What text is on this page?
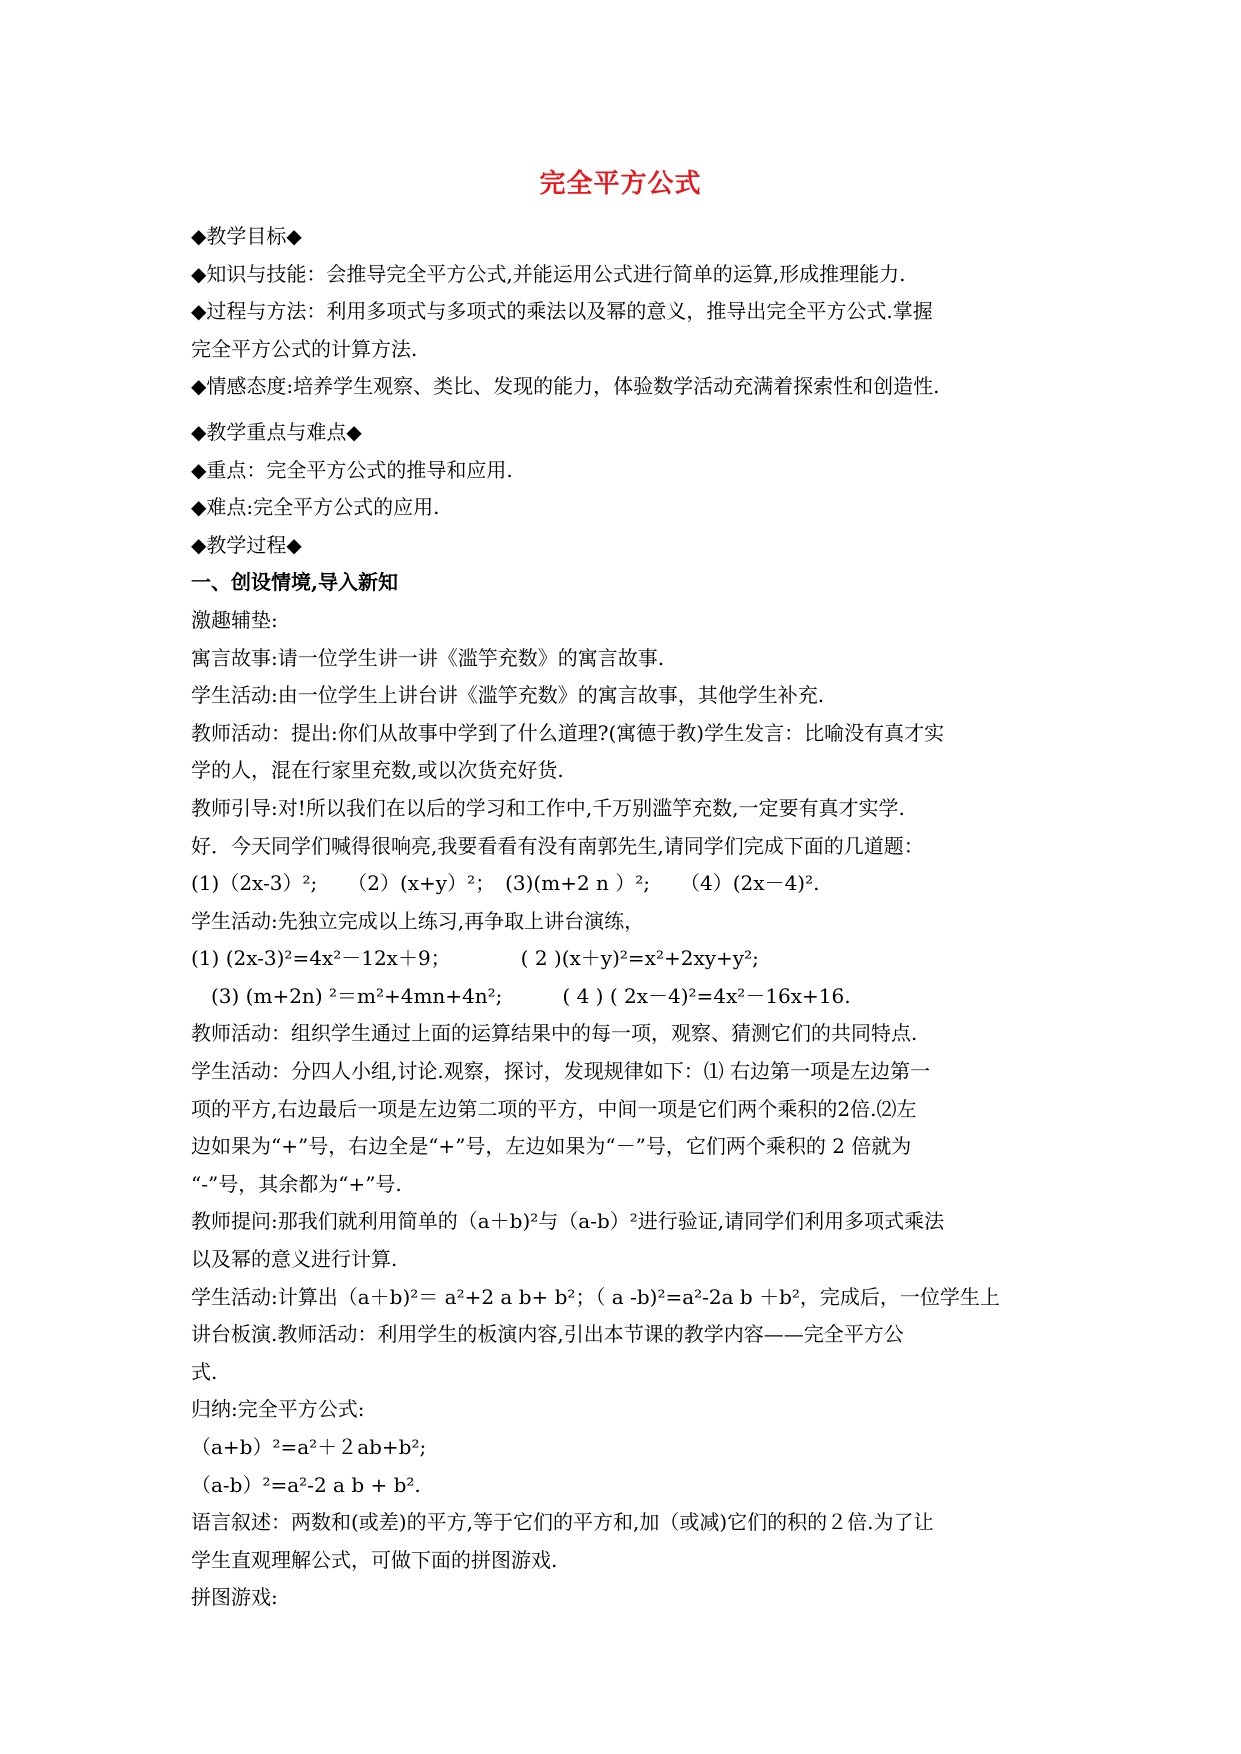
完全平方公式
◆教学目标◆
◆知识与技能：会推导完全平方公式,并能运用公式进行简单的运算,形成推理能力.
◆过程与方法：利用多项式与多项式的乘法以及幂的意义，推导出完全平方公式.掌握
完全平方公式的计算方法.
◆情感态度:培养学生观察、类比、发现的能力，体验数学活动充满着探索性和创造性.
◆教学重点与难点◆
◆重点：完全平方公式的推导和应用.
◆难点:完全平方公式的应用.
◆教学过程◆
一、创设情境,导入新知
激趣辅垫:
寓言故事:请一位学生讲一讲《滥竽充数》的寓言故事.
学生活动:由一位学生上讲台讲《滥竽充数》的寓言故事，其他学生补充.
教师活动：提出:你们从故事中学到了什么道理?(寓德于教)学生发言：比喻没有真才实
学的人，混在行家里充数,或以次货充好货.
教师引导:对!所以我们在以后的学习和工作中,千万别滥竽充数,一定要有真才实学.
好．今天同学们喊得很响亮,我要看看有没有南郭先生,请同学们完成下面的几道题：
(1)（2x-3）²;　　（2）(x+y）²；　(3)(m+2 n ）²;　　（4）(2x－4)².
学生活动:先独立完成以上练习,再争取上讲台演练，
(1) (2x-3)²=4x²－12x＋9；　　　　( 2 )(x＋y)²=x²+2xy+y²;
　(3) (m+2n) ²＝m²+4mn+4n²;　　　( 4 ) ( 2x－4)²=4x²－16x+16.
教师活动：组织学生通过上面的运算结果中的每一项，观察、猜测它们的共同特点.
学生活动：分四人小组,讨论.观察，探讨，发现规律如下：⑴ 右边第一项是左边第一
项的平方,右边最后一项是左边第二项的平方，中间一项是它们两个乘积的2倍.⑵左
边如果为“+”号，右边全是“+”号，左边如果为“－”号，它们两个乘积的 2 倍就为
“-”号，其余都为“+”号.
教师提问:那我们就利用简单的（a＋b)²与（a-b）²进行验证,请同学们利用多项式乘法
以及幂的意义进行计算.
学生活动:计算出（a＋b)²＝ a²+2 a b+ b²；（ a -b)²=a²-2a b ＋b²，完成后，一位学生上
讲台板演.教师活动：利用学生的板演内容,引出本节课的教学内容——完全平方公
式.
归纳:完全平方公式:
（a+b）²=a²＋２ab+b²;
（a-b）²=a²-2 a b + b².
语言叙述：两数和(或差)的平方,等于它们的平方和,加（或减)它们的积的２倍.为了让
学生直观理解公式，可做下面的拼图游戏.
拼图游戏:
